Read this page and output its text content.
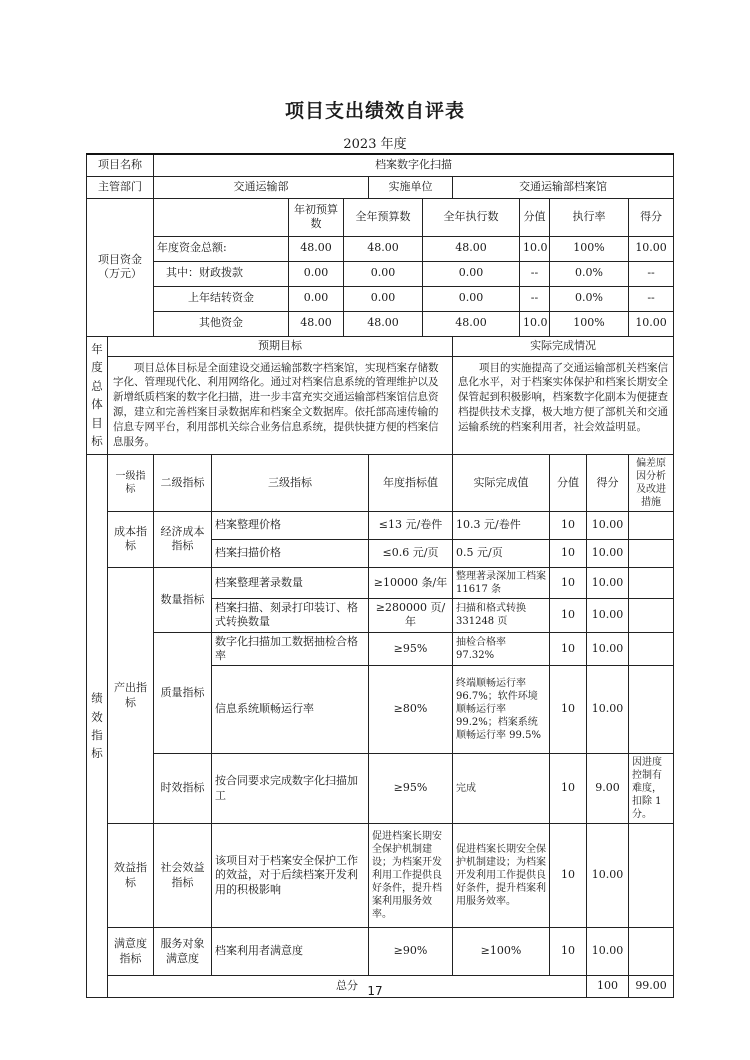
项目支出绩效自评表
2023 年度
项目名称		档案数字化扫描											
主管部门		交通运输部				实施单位		交通运输部档案馆					
项目资金
（万元）				年初预算数	全年预算数		全年执行数		分值	执行率		得分	
		年度资金总额:		48.00	48.00		48.00		10.0	100%		10.00	
		其中：财政拨款		0.00	0.00		0.00		--	0.0%		--	
		上年结转资金		0.00	0.00		0.00		--	0.0%		--	
		其他资金		48.00	48.00		48.00		10.0	100%		10.00	
年度总体目标	预期目标							实际完成情况					
	项目总体目标是全面建设交通运输部数字档案馆，实现档案存储数字化、管理现代化、利用网络化。通过对档案信息系统的管理维护以及新增纸质档案的数字化扫描，进一步丰富充实交通运输部档案馆信息资源，建立和完善档案目录数据库和档案全文数据库。依托部高速传输的信息专网平台，利用部机关综合业务信息系统，提供快捷方便的档案信息服务。							项目的实施提高了交通运输部机关档案信息化水平，对于档案实体保护和档案长期安全保管起到积极影响，档案数字化副本为便捷查档提供技术支撑，极大地方便了部机关和交通运输系统的档案利用者，社会效益明显。					
绩效指标	一级指标	二级指标	三级指标			年度指标值		实际完成值		分值	得分	偏差原因分析及改进措施	
	成本指标	经济成本指标	档案整理价格			≤13 元/卷件		10.3 元/卷件		10	10.00		
			档案扫描价格			≤0.6 元/页		0.5 元/页		10	10.00		
	产出指标	数量指标	档案整理著录数量			≥10000 条/年		整理著录深加工档案 11617 条		10	10.00		
			档案扫描、刻录打印装订、格式转换数量			≥280000 页/年		扫描和格式转换 331248 页		10	10.00		
		质量指标	数字化扫描加工数据抽检合格率			≥95%		抽检合格率 97.32%		10	10.00		
			信息系统顺畅运行率			≥80%		终端顺畅运行率 96.7%；软件环境顺畅运行率 99.2%；档案系统顺畅运行率 99.5%		10	10.00		
		时效指标	按合同要求完成数字化扫描加工			≥95%		完成		10	9.00	因进度控制有难度，扣除 1 分。	
	效益指标	社会效益指标	该项目对于档案安全保护工作的效益，对于后续档案开发利用的积极影响			促进档案长期安全保护机制建设；为档案开发利用工作提供良好条件，提升档案利用服务效率。		促进档案长期安全保护机制建设；为档案开发利用工作提供良好条件，提升档案利用服务效率。		10	10.00		
	满意度指标	服务对象满意度	档案利用者满意度			≥90%		≥100%		10	10.00		
	总分										100	99.00	
17
